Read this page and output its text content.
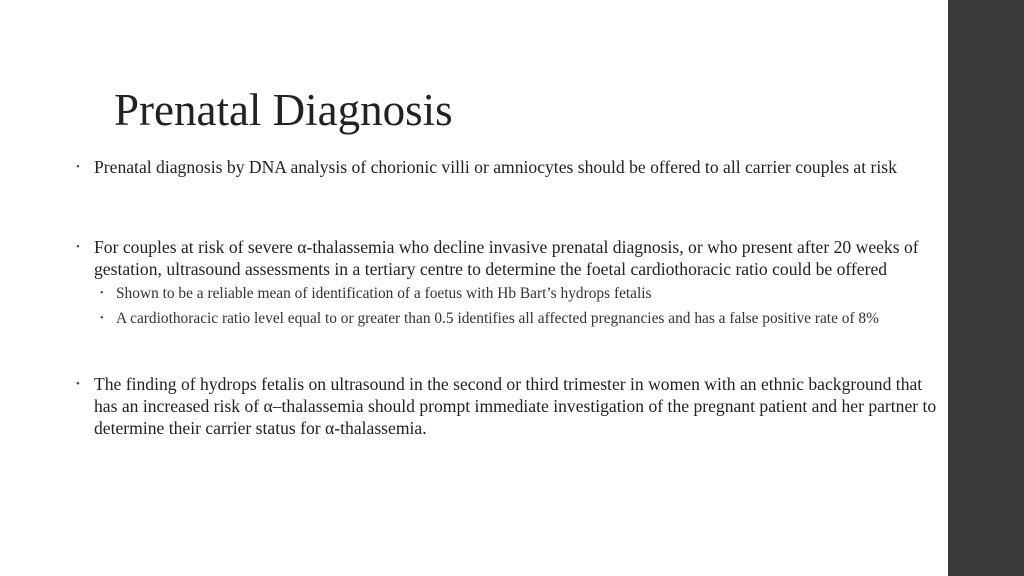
Prenatal Diagnosis
• Prenatal diagnosis by DNA analysis of chorionic villi or amniocytes should be offered to all carrier couples at risk
• For couples at risk of severe α-thalassemia who decline invasive prenatal diagnosis, or who present after 20 weeks of gestation, ultrasound assessments in a tertiary centre to determine the foetal cardiothoracic ratio could be offered
• Shown to be a reliable mean of identification of a foetus with Hb Bart’s hydrops fetalis
• A cardiothoracic ratio level equal to or greater than 0.5 identifies all affected pregnancies and has a false positive rate of 8%
• The finding of hydrops fetalis on ultrasound in the second or third trimester in women with an ethnic background that has an increased risk of α–thalassemia should prompt immediate investigation of the pregnant patient and her partner to determine their carrier status for α-thalassemia.
